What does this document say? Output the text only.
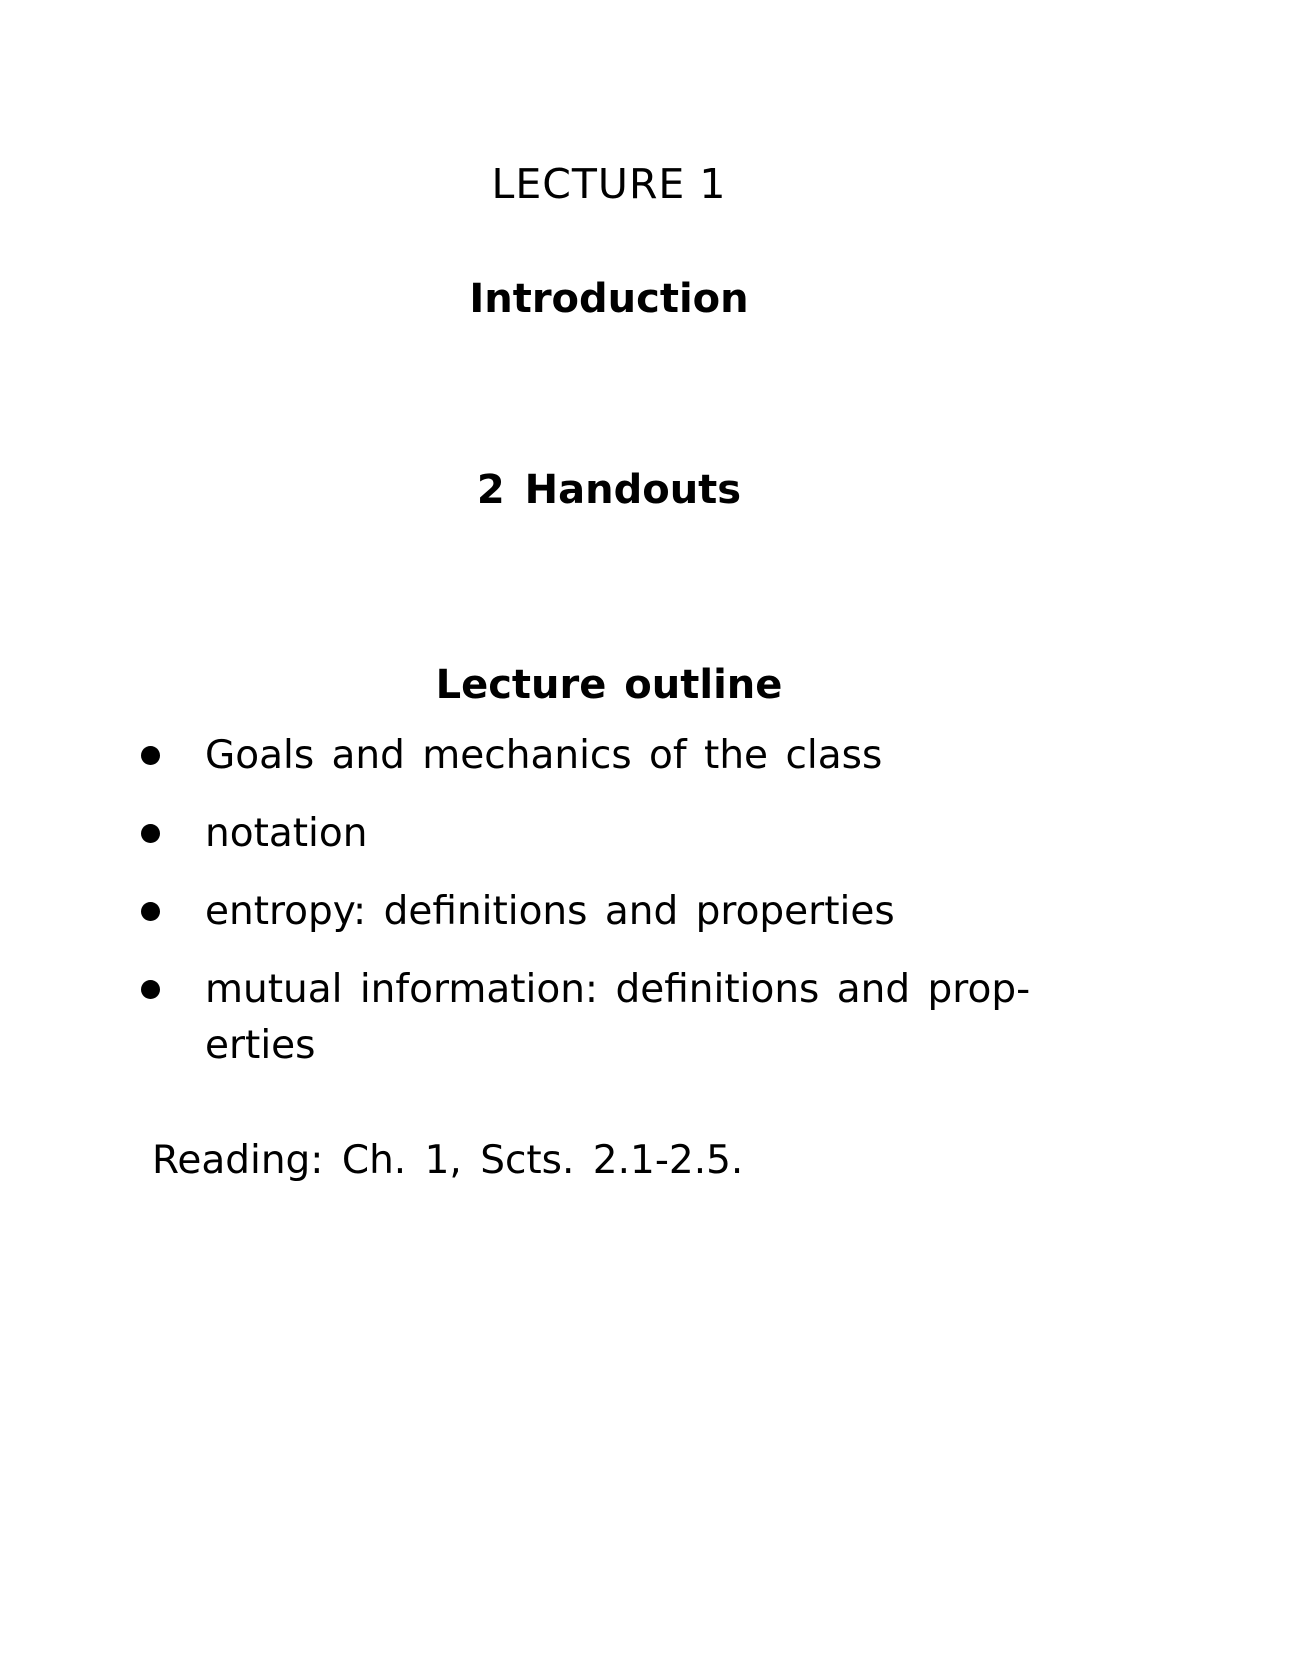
LECTURE 1
Introduction
2 Handouts
Lecture outline
Goals and mechanics of the class
notation
entropy: definitions and properties
mutual information: definitions and prop-
erties
Reading: Ch. 1, Scts. 2.1-2.5.
